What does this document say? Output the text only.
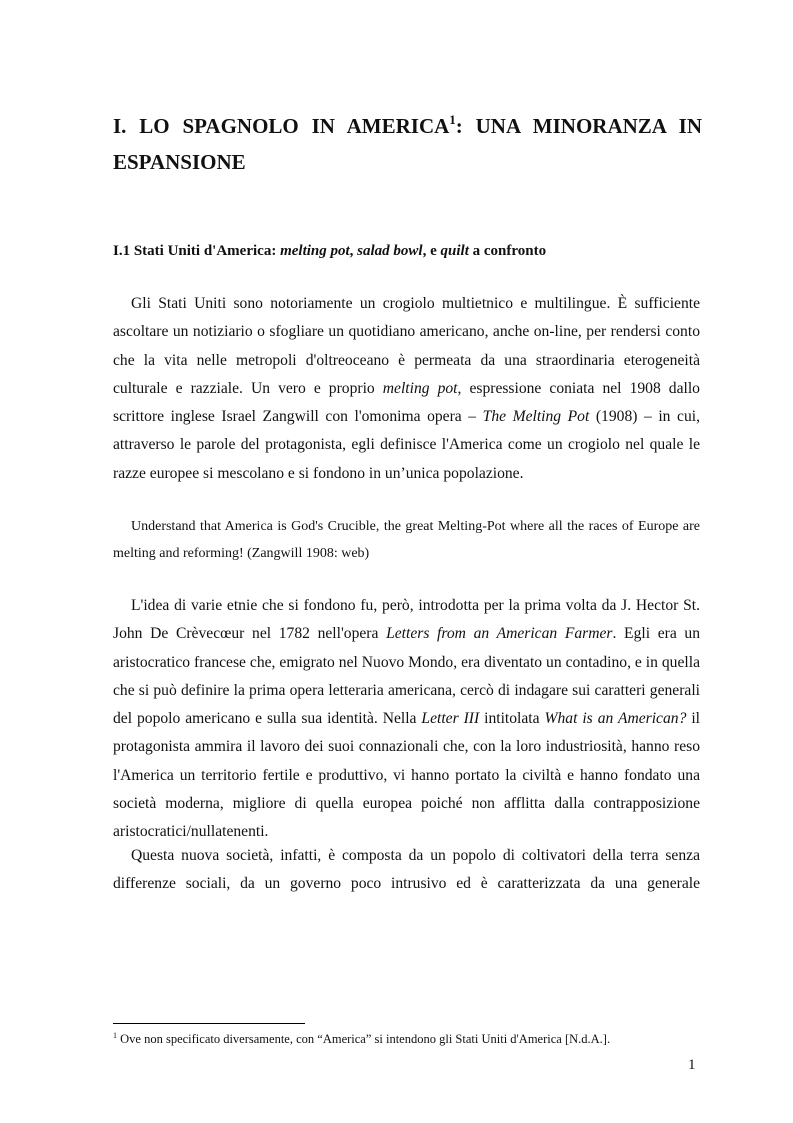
I. LO SPAGNOLO IN AMERICA$^1$: UNA MINORANZA IN ESPANSIONE
I.1 Stati Uniti d'America: melting pot, salad bowl, e quilt a confronto

Gli Stati Uniti sono notoriamente un crogiolo multietnico e multilingue. È sufficiente ascoltare un notiziario o sfogliare un quotidiano americano, anche on-line, per rendersi conto che la vita nelle metropoli d'oltreoceano è permeata da una straordinaria eterogeneità culturale e razziale. Un vero e proprio melting pot, espressione coniata nel 1908 dallo scrittore inglese Israel Zangwill con l'omonima opera – The Melting Pot (1908) – in cui, attraverso le parole del protagonista, egli definisce l'America come un crogiolo nel quale le razze europee si mescolano e si fondono in un’unica popolazione.

Understand that America is God's Crucible, the great Melting-Pot where all the races of Europe are melting and reforming! (Zangwill 1908: web)

L'idea di varie etnie che si fondono fu, però, introdotta per la prima volta da J. Hector St. John De Crèvecœur nel 1782 nell'opera Letters from an American Farmer. Egli era un aristocratico francese che, emigrato nel Nuovo Mondo, era diventato un contadino, e in quella che si può definire la prima opera letteraria americana, cercò di indagare sui caratteri generali del popolo americano e sulla sua identità. Nella Letter III intitolata What is an American? il protagonista ammira il lavoro dei suoi connazionali che, con la loro industriosità, hanno reso l'America un territorio fertile e produttivo, vi hanno portato la civiltà e hanno fondato una società moderna, migliore di quella europea poiché non afflitta dalla contrapposizione aristocratici/nullatenenti.

Questa nuova società, infatti, è composta da un popolo di coltivatori della terra senza differenze sociali, da un governo poco intrusivo ed è caratterizzata da una generale

$^1$ Ove non specificato diversamente, con “America” si intendono gli Stati Uniti d'America [N.d.A.].

1
